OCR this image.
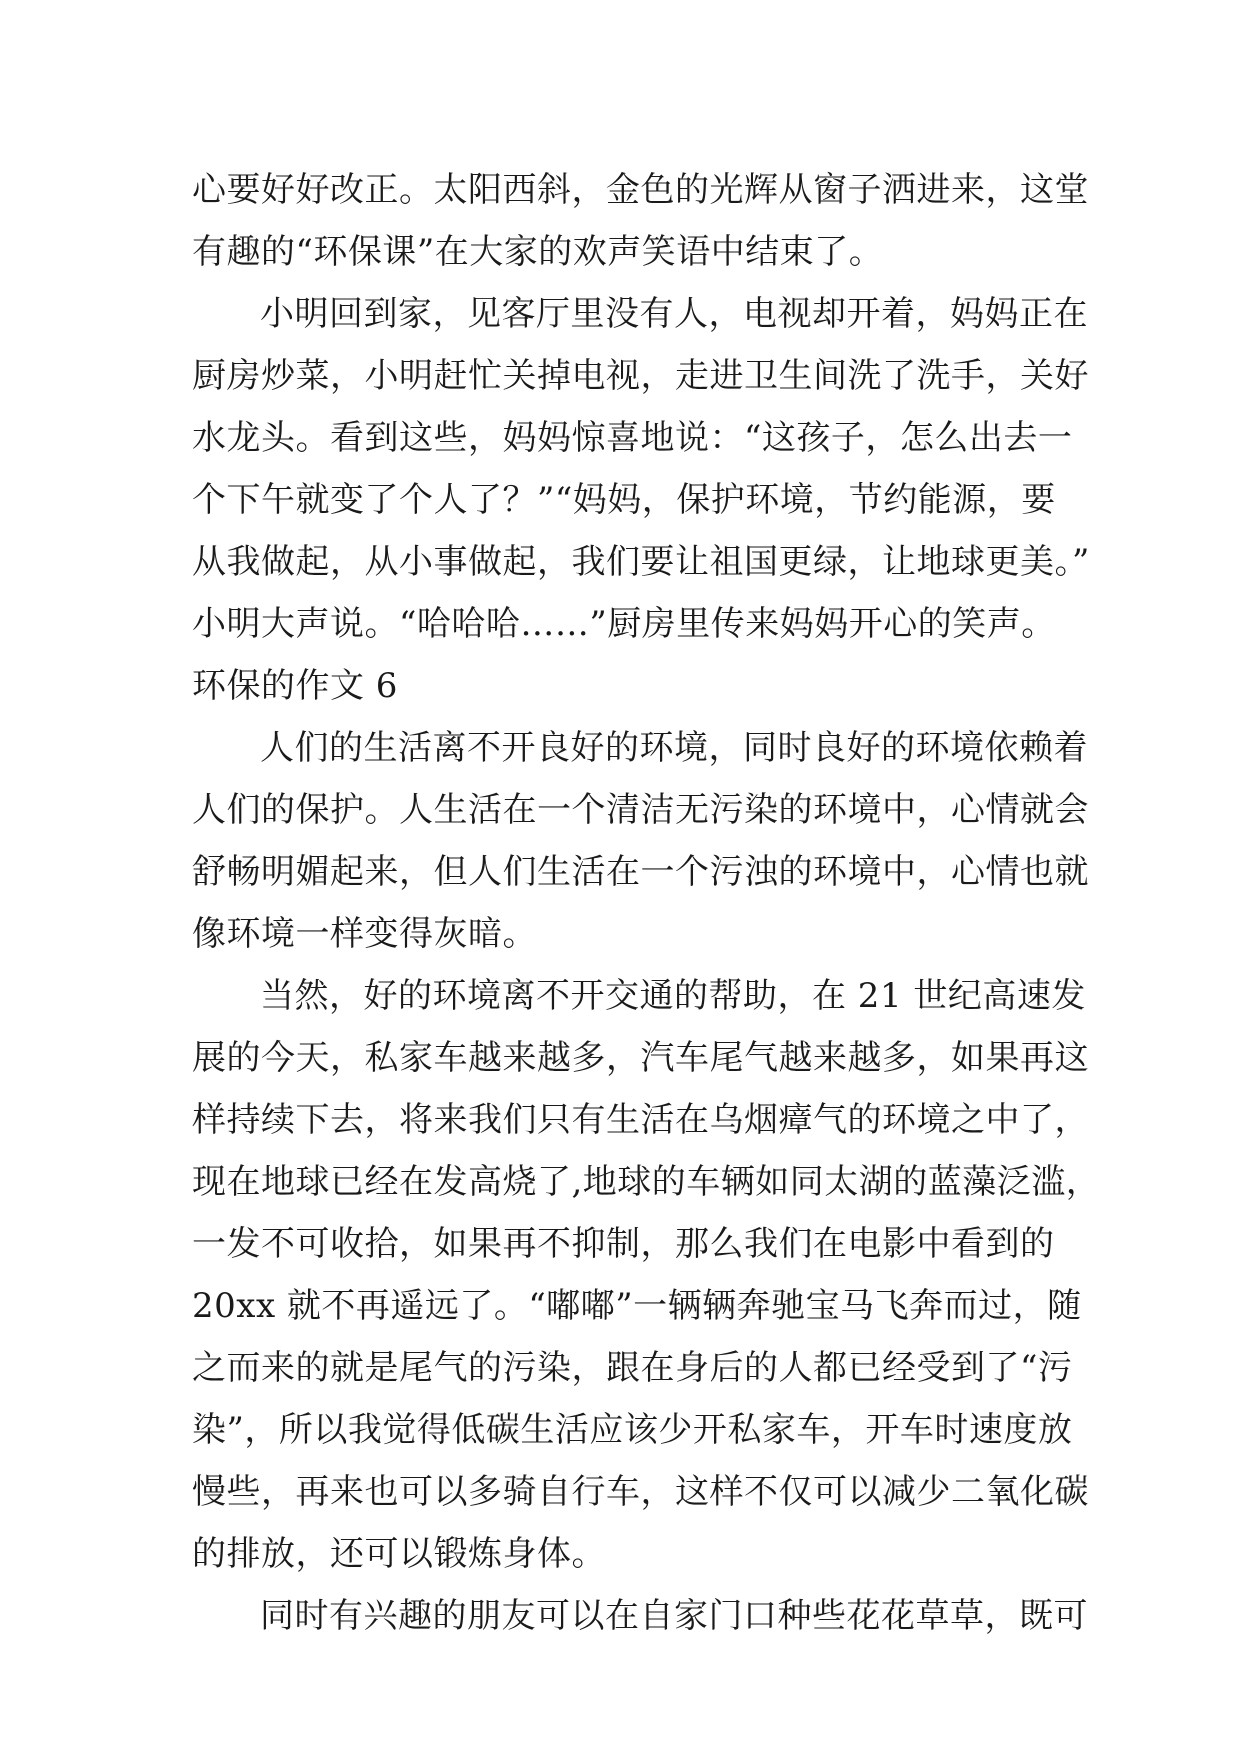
心要好好改正。太阳西斜，金色的光辉从窗子洒进来，这堂
有趣的“环保课”在大家的欢声笑语中结束了。
小明回到家，见客厅里没有人，电视却开着，妈妈正在
厨房炒菜，小明赶忙关掉电视，走进卫生间洗了洗手，关好
水龙头。看到这些，妈妈惊喜地说：“这孩子，怎么出去一
个下午就变了个人了？”“妈妈，保护环境，节约能源，要
从我做起，从小事做起，我们要让祖国更绿，让地球更美。”
小明大声说。“哈哈哈……”厨房里传来妈妈开心的笑声。
环保的作文 6
人们的生活离不开良好的环境，同时良好的环境依赖着
人们的保护。人生活在一个清洁无污染的环境中，心情就会
舒畅明媚起来，但人们生活在一个污浊的环境中，心情也就
像环境一样变得灰暗。
当然，好的环境离不开交通的帮助，在 21 世纪高速发
展的今天，私家车越来越多，汽车尾气越来越多，如果再这
样持续下去，将来我们只有生活在乌烟瘴气的环境之中了，
现在地球已经在发高烧了,地球的车辆如同太湖的蓝藻泛滥，
一发不可收拾，如果再不抑制，那么我们在电影中看到的
20xx 就不再遥远了。“嘟嘟”一辆辆奔驰宝马飞奔而过，随
之而来的就是尾气的污染，跟在身后的人都已经受到了“污
染”，所以我觉得低碳生活应该少开私家车，开车时速度放
慢些，再来也可以多骑自行车，这样不仅可以减少二氧化碳
的排放，还可以锻炼身体。
同时有兴趣的朋友可以在自家门口种些花花草草，既可
